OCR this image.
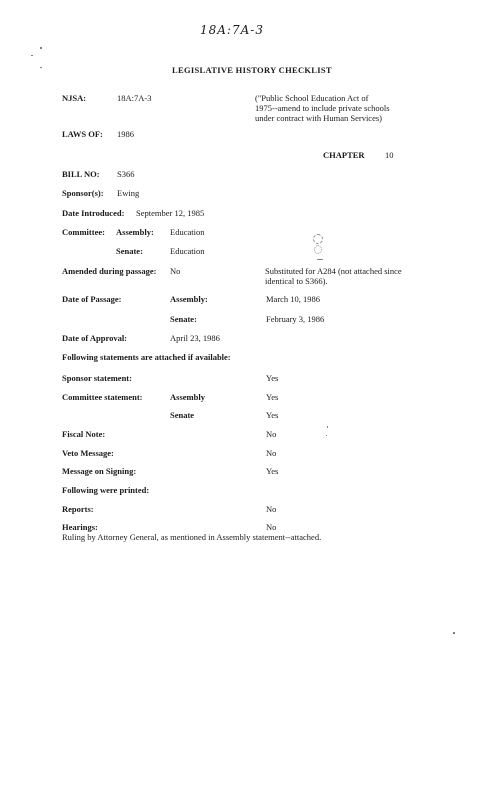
18A:7A-3
LEGISLATIVE HISTORY CHECKLIST
NJSA:	18A:7A-3	("Public School Education Act of
1975--amend to include private schools
under contract with Human Services)
LAWS OF: 1986
CHAPTER 10
BILL NO: S366
Sponsor(s): Ewing
Date Introduced: September 12, 1985
Committee: Assembly: Education
Senate:	Education
Amended during passage: No	Substituted for A284 (not attached since
identical to S366).
Date of Passage:	Assembly:	March 10, 1986
Senate:	February 3, 1986
Date of Approval:	April 23, 1986
Following statements are attached if available:
Sponsor statement:	Yes
Committee statement:	Assembly	Yes
Senate	Yes
Fiscal Note:	No
Veto Message:	No
Message on Signing:	Yes
Following were printed:
Reports:	No
Hearings:	No
Ruling by Attorney General, as mentioned in Assembly statement--attached.
